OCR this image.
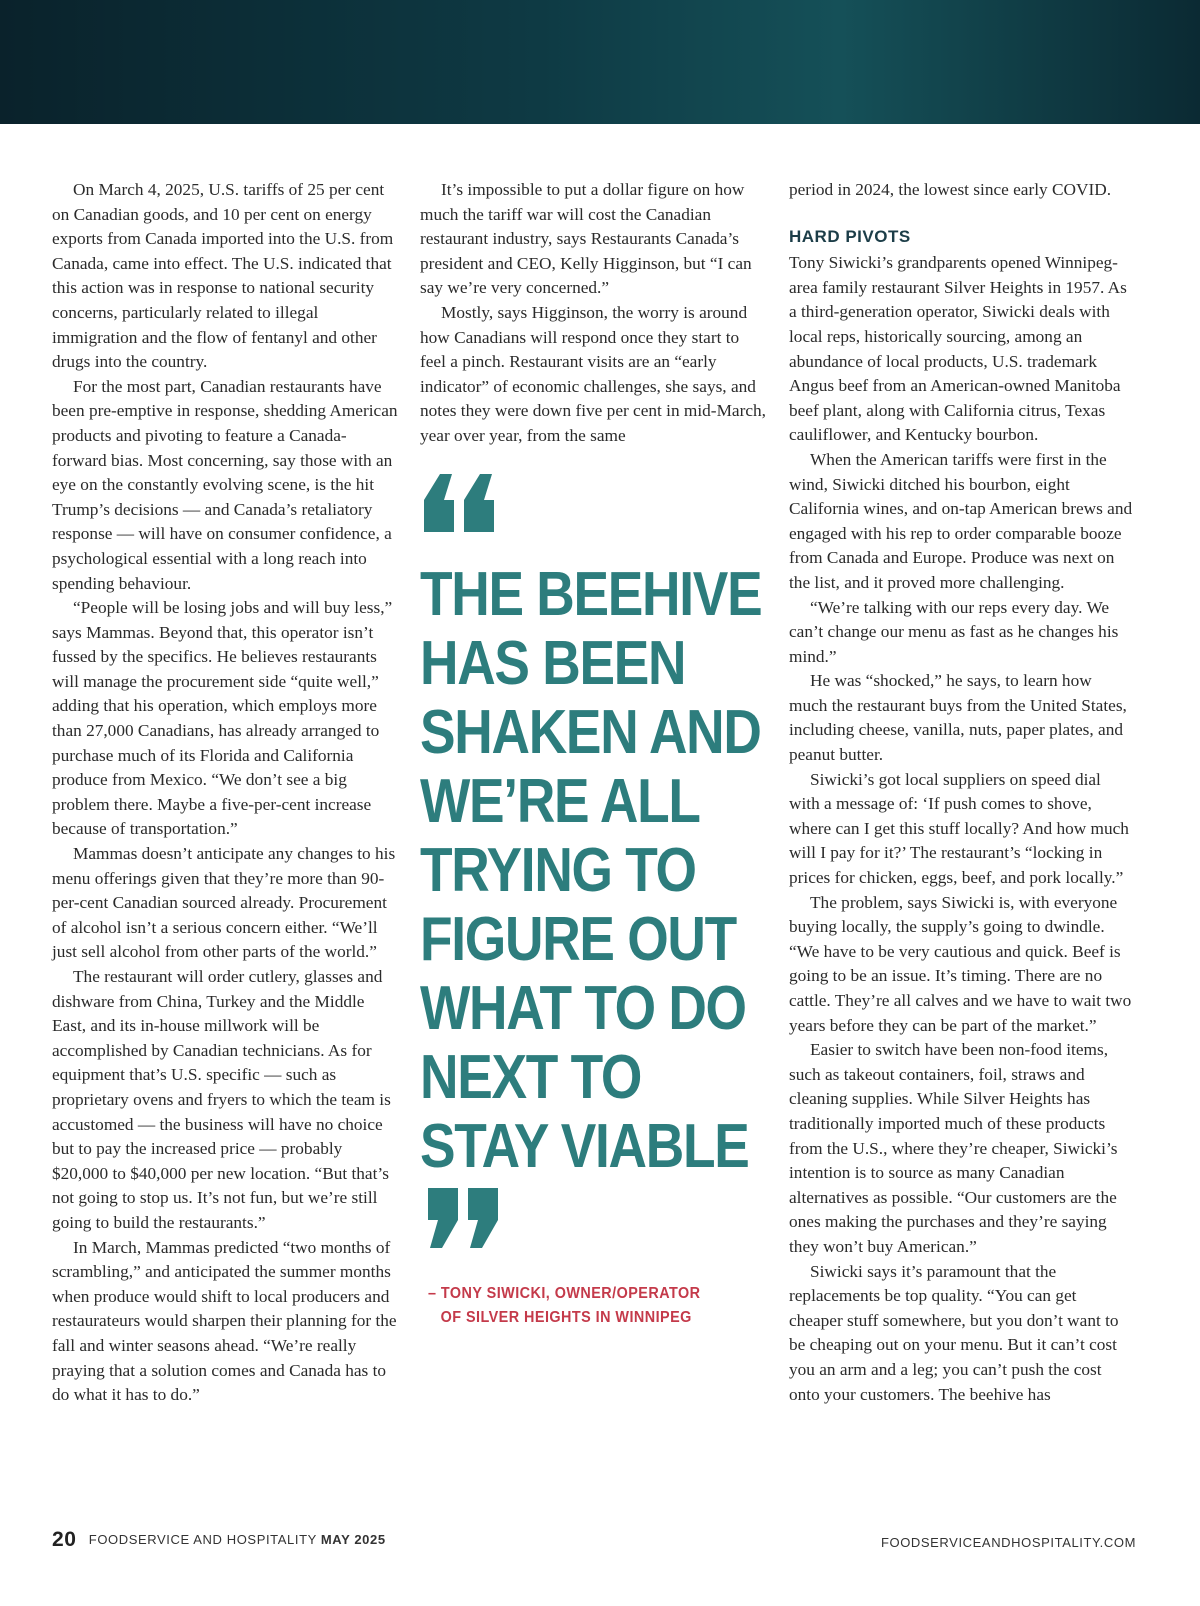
On March 4, 2025, U.S. tariffs of 25 per cent on Canadian goods, and 10 per cent on energy exports from Canada imported into the U.S. from Canada, came into effect. The U.S. indicated that this action was in response to national security concerns, particularly related to illegal immigration and the flow of fentanyl and other drugs into the country.

For the most part, Canadian restaurants have been pre-emptive in response, shedding American products and pivoting to feature a Canada-forward bias. Most concerning, say those with an eye on the constantly evolving scene, is the hit Trump’s decisions — and Canada’s retaliatory response — will have on consumer confidence, a psychological essential with a long reach into spending behaviour.

“People will be losing jobs and will buy less,” says Mammas. Beyond that, this operator isn’t fussed by the specifics. He believes restaurants will manage the procurement side “quite well,” adding that his operation, which employs more than 27,000 Canadians, has already arranged to purchase much of its Florida and California produce from Mexico. “We don’t see a big problem there. Maybe a five-per-cent increase because of transportation.”

Mammas doesn’t anticipate any changes to his menu offerings given that they’re more than 90-per-cent Canadian sourced already. Procurement of alcohol isn’t a serious concern either. “We’ll just sell alcohol from other parts of the world.”

The restaurant will order cutlery, glasses and dishware from China, Turkey and the Middle East, and its in-house millwork will be accomplished by Canadian technicians. As for equipment that’s U.S. specific — such as proprietary ovens and fryers to which the team is accustomed — the business will have no choice but to pay the increased price — probably $20,000 to $40,000 per new location. “But that’s not going to stop us. It’s not fun, but we’re still going to build the restaurants.”

In March, Mammas predicted “two months of scrambling,” and anticipated the summer months when produce would shift to local producers and restaurateurs would sharpen their planning for the fall and winter seasons ahead. “We’re really praying that a solution comes and Canada has to do what it has to do.”

It’s impossible to put a dollar figure on how much the tariff war will cost the Canadian restaurant industry, says Restaurants Canada’s president and CEO, Kelly Higginson, but “I can say we’re very concerned.”

Mostly, says Higginson, the worry is around how Canadians will respond once they start to feel a pinch. Restaurant visits are an “early indicator” of economic challenges, she says, and notes they were down five per cent in mid-March, year over year, from the same

THE BEEHIVE HAS BEEN SHAKEN AND WE’RE ALL TRYING TO FIGURE OUT WHAT TO DO NEXT TO STAY VIABLE
– TONY SIWICKI, OWNER/OPERATOR
OF SILVER HEIGHTS IN WINNIPEG

period in 2024, the lowest since early COVID.

HARD PIVOTS

Tony Siwicki’s grandparents opened Winnipeg-area family restaurant Silver Heights in 1957. As a third-generation operator, Siwicki deals with local reps, historically sourcing, among an abundance of local products, U.S. trademark Angus beef from an American-owned Manitoba beef plant, along with California citrus, Texas cauliflower, and Kentucky bourbon.

When the American tariffs were first in the wind, Siwicki ditched his bourbon, eight California wines, and on-tap American brews and engaged with his rep to order comparable booze from Canada and Europe. Produce was next on the list, and it proved more challenging.

“We’re talking with our reps every day. We can’t change our menu as fast as he changes his mind.”

He was “shocked,” he says, to learn how much the restaurant buys from the United States, including cheese, vanilla, nuts, paper plates, and peanut butter.

Siwicki’s got local suppliers on speed dial with a message of: ‘If push comes to shove, where can I get this stuff locally? And how much will I pay for it?’ The restaurant’s “locking in prices for chicken, eggs, beef, and pork locally.”

The problem, says Siwicki is, with everyone buying locally, the supply’s going to dwindle. “We have to be very cautious and quick. Beef is going to be an issue. It’s timing. There are no cattle. They’re all calves and we have to wait two years before they can be part of the market.”

Easier to switch have been non-food items, such as takeout containers, foil, straws and cleaning supplies. While Silver Heights has traditionally imported much of these products from the U.S., where they’re cheaper, Siwicki’s intention is to source as many Canadian alternatives as possible. “Our customers are the ones making the purchases and they’re saying they won’t buy American.”

Siwicki says it’s paramount that the replacements be top quality. “You can get cheaper stuff somewhere, but you don’t want to be cheaping out on your menu. But it can’t cost you an arm and a leg; you can’t push the cost onto your customers. The beehive has

20 FOODSERVICE AND HOSPITALITY MAY 2025	FOODSERVICEANDHOSPITALITY.COM
